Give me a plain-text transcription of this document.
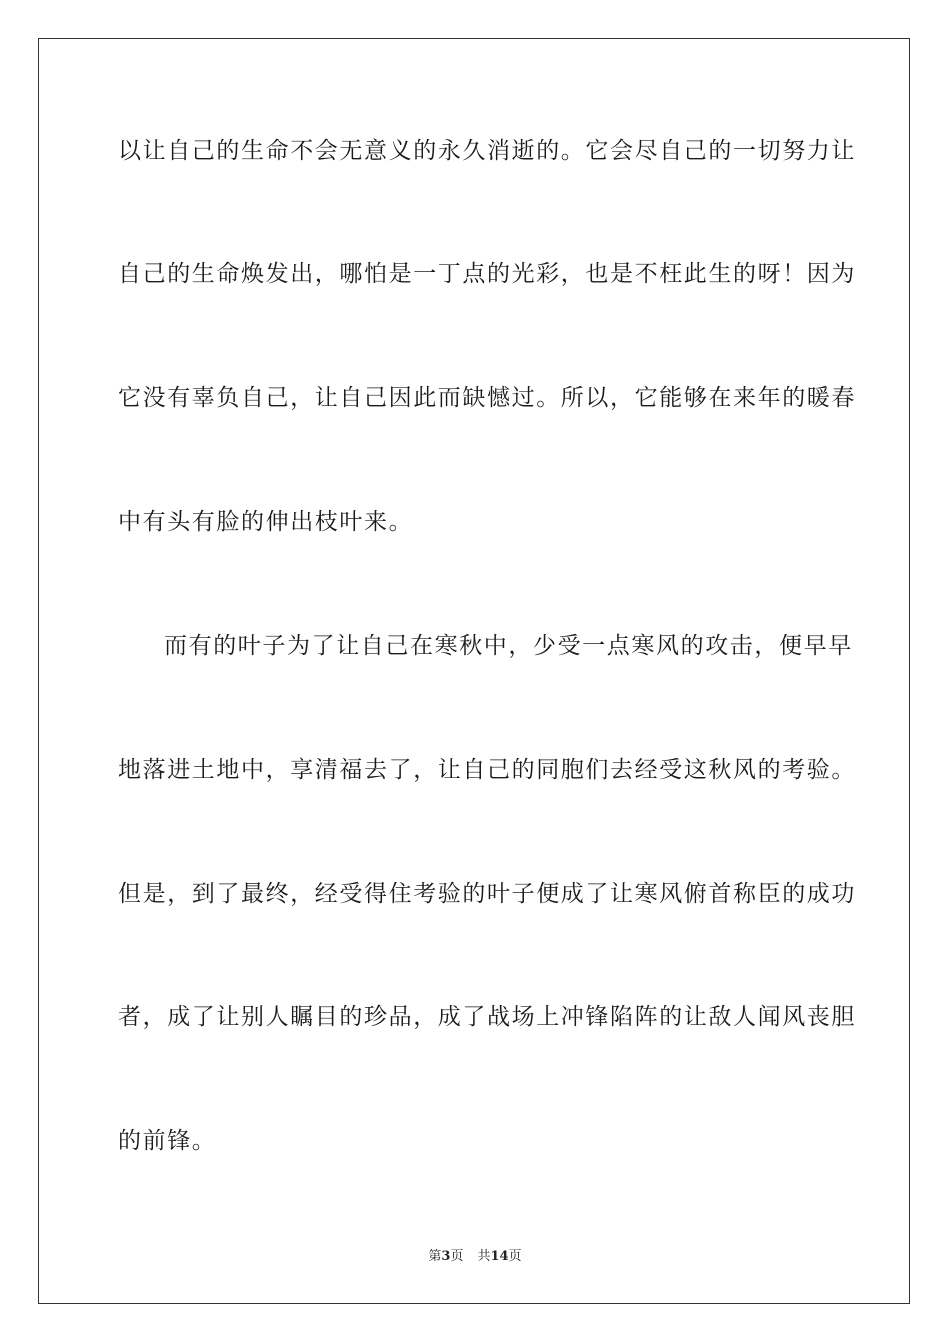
以让自己的生命不会无意义的永久消逝的。它会尽自己的一切努力让
自己的生命焕发出，哪怕是一丁点的光彩，也是不枉此生的呀！因为
它没有辜负自己，让自己因此而缺憾过。所以，它能够在来年的暖春
中有头有脸的伸出枝叶来。
而有的叶子为了让自己在寒秋中，少受一点寒风的攻击，便早早
地落进土地中，享清福去了，让自己的同胞们去经受这秋风的考验。
但是，到了最终，经受得住考验的叶子便成了让寒风俯首称臣的成功
者，成了让别人瞩目的珍品，成了战场上冲锋陷阵的让敌人闻风丧胆
的前锋。
第3页 共14页
